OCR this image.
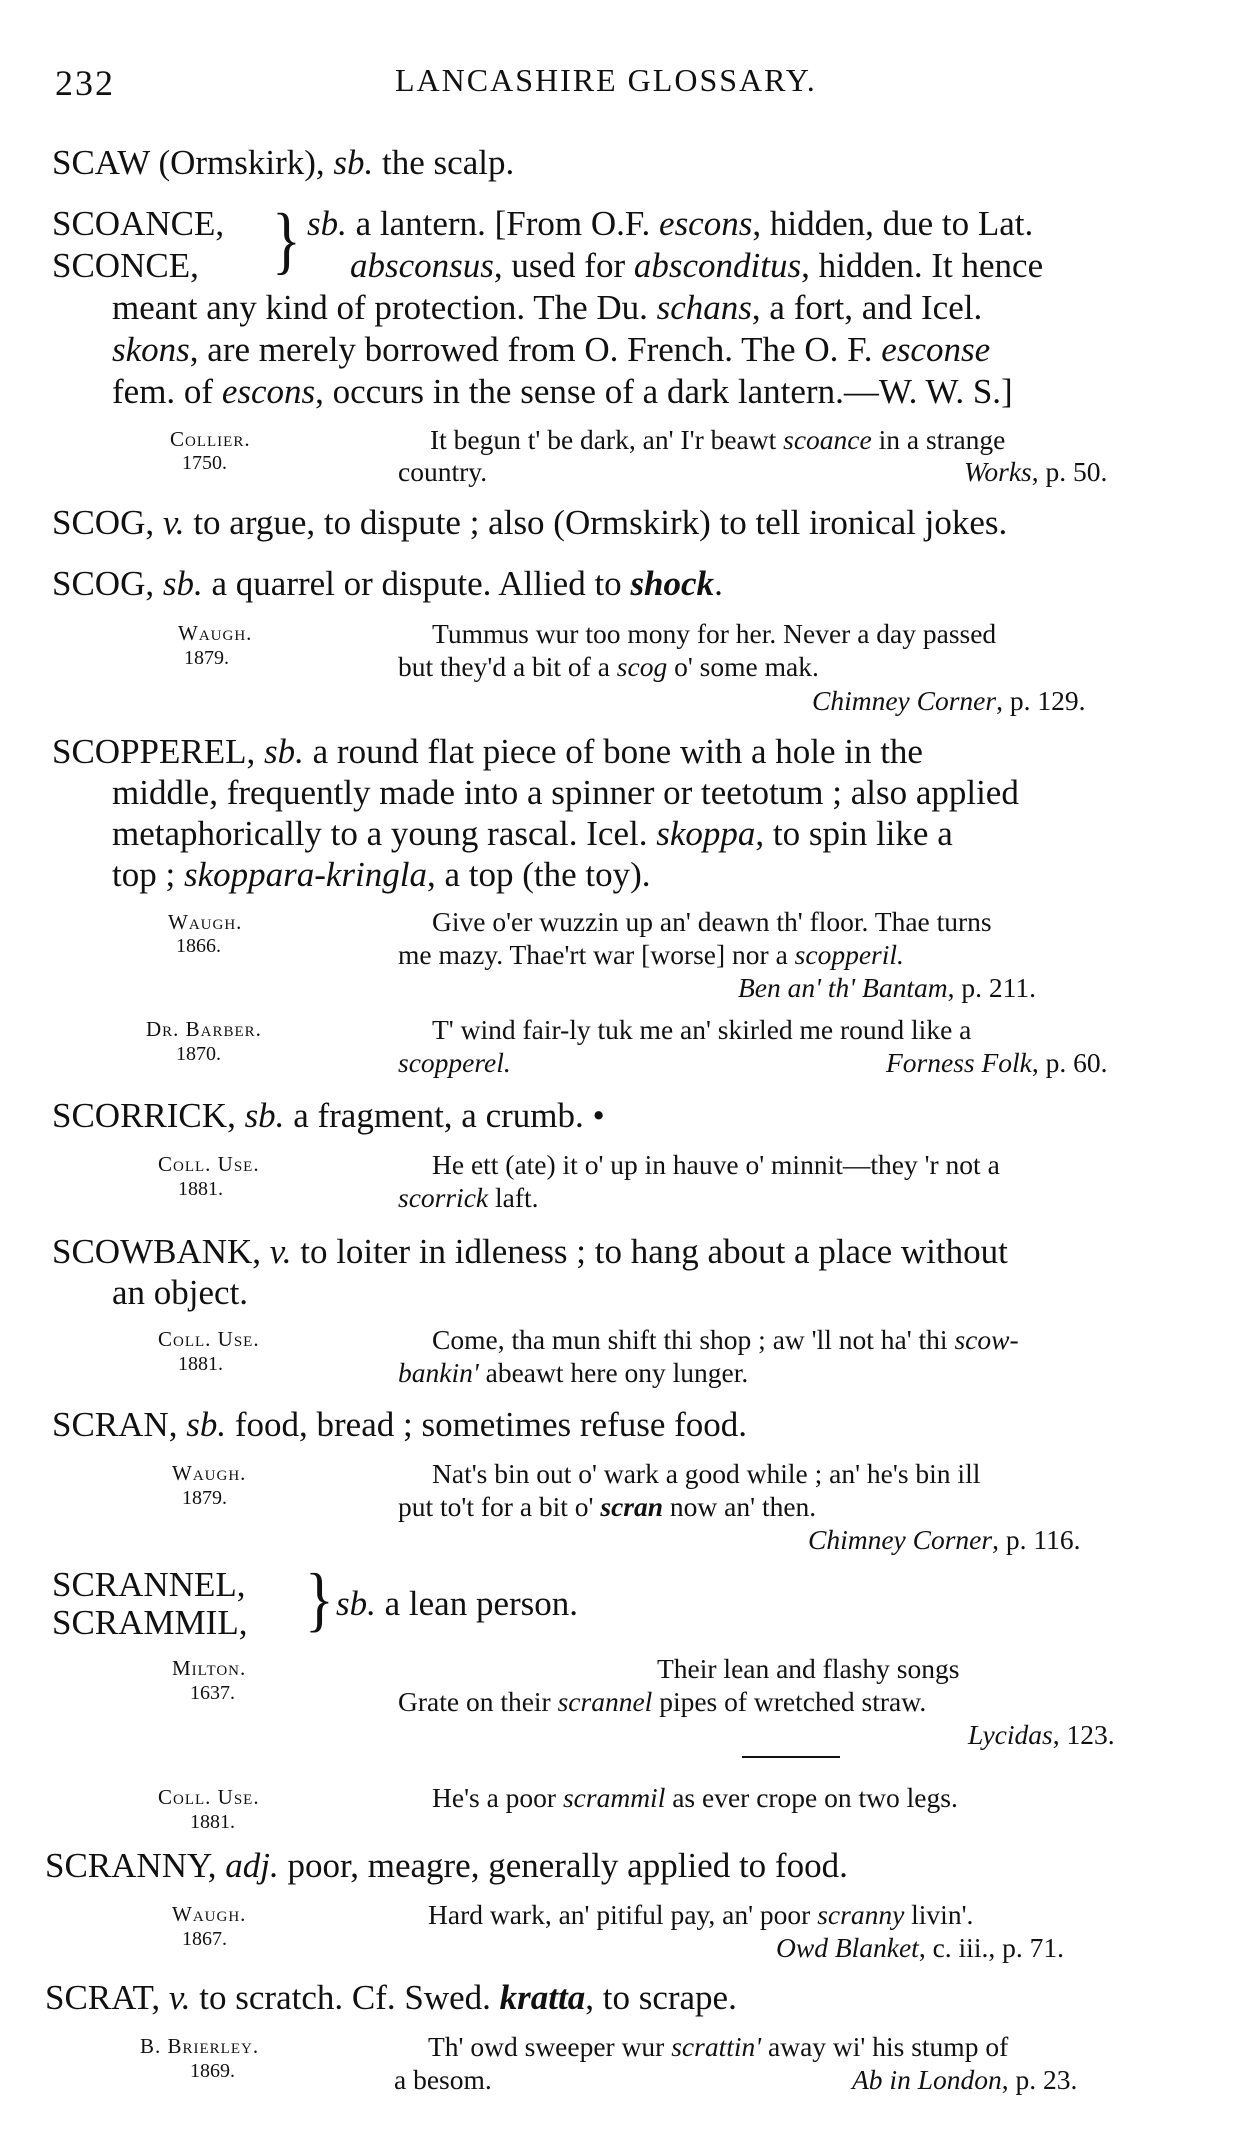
232	LANCASHIRE GLOSSARY.
SCAW (Ormskirk), sb. the scalp.
SCOANCE,
SCONCE, } sb. a lantern. [From O.F. escons, hidden, due to Lat.
absconsus, used for absconditus, hidden. It hence
meant any kind of protection. The Du. schans, a fort, and Icel.
skons, are merely borrowed from O. French. The O. F. esconse
fem. of escons, occurs in the sense of a dark lantern.—W. W. S.]
Collier.
1750.
It begun t' be dark, an' I'r beawt scoance in a strange
country.	Works, p. 50.
SCOG, v. to argue, to dispute ; also (Ormskirk) to tell ironical jokes.
SCOG, sb. a quarrel or dispute. Allied to shock.
Waugh.
1879.
Tummus wur too mony for her. Never a day passed
but they'd a bit of a scog o' some mak.
Chimney Corner, p. 129.
SCOPPEREL, sb. a round flat piece of bone with a hole in the
middle, frequently made into a spinner or teetotum ; also applied
metaphorically to a young rascal. Icel. skoppa, to spin like a
top ; skoppara-kringla, a top (the toy).
Waugh.
1866.
Give o'er wuzzin up an' deawn th' floor. Thae turns
me mazy. Thae'rt war [worse] nor a scopperil.
Ben an' th' Bantam, p. 211.
Dr. Barber.
1870.
T' wind fair-ly tuk me an' skirled me round like a
scopperel.	Forness Folk, p. 60.
SCORRICK, sb. a fragment, a crumb. •
Coll. Use.
1881.
He ett (ate) it o' up in hauve o' minnit—they 'r not a
scorrick laft.
SCOWBANK, v. to loiter in idleness ; to hang about a place without
an object.
Coll. Use.
1881.
Come, tha mun shift thi shop ; aw 'll not ha' thi scow-
bankin' abeawt here ony lunger.
SCRAN, sb. food, bread ; sometimes refuse food.
Waugh.
1879.
Nat's bin out o' wark a good while ; an' he's bin ill
put to't for a bit o' scran now an' then.
Chimney Corner, p. 116.
SCRANNEL,
SCRAMMIL, } sb. a lean person.
Milton.
1637.
Their lean and flashy songs
Grate on their scrannel pipes of wretched straw.
Lycidas, 123.
Coll. Use.
1881.
He's a poor scrammil as ever crope on two legs.
SCRANNY, adj. poor, meagre, generally applied to food.
Waugh.
1867.
Hard wark, an' pitiful pay, an' poor scranny livin'.
Owd Blanket, c. iii., p. 71.
SCRAT, v. to scratch. Cf. Swed. kratta, to scrape.
B. Brierley.
1869.
Th' owd sweeper wur scrattin' away wi' his stump of
a besom.	Ab in London, p. 23.
